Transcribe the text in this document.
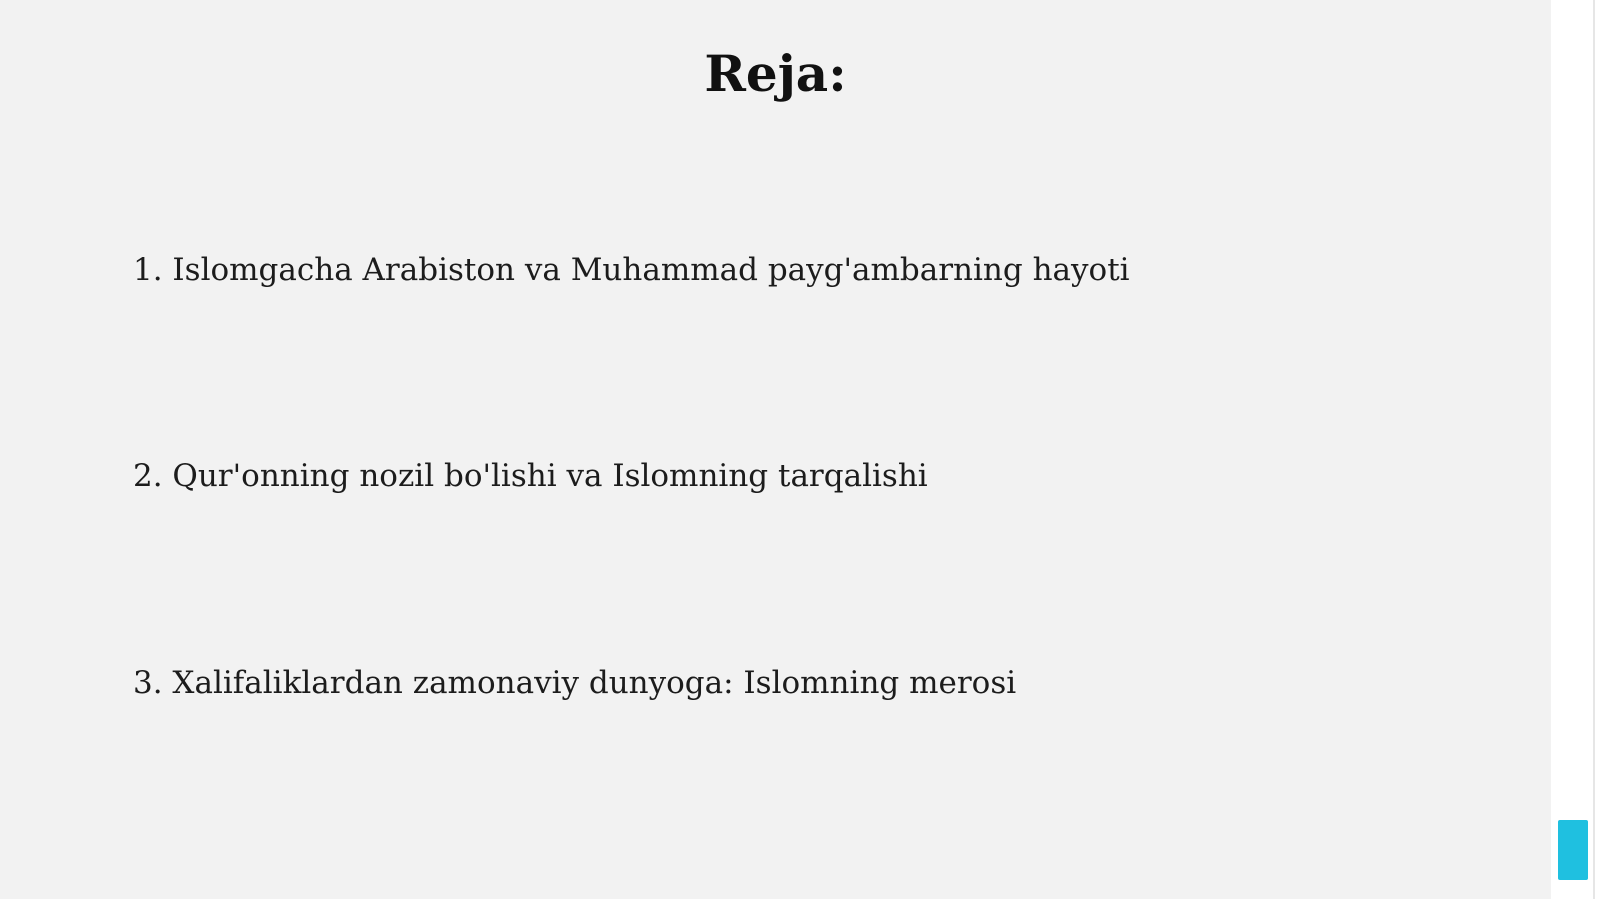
Reja:
1. Islomgacha Arabiston va Muhammad payg'ambarning hayoti
2. Qur'onning nozil bo'lishi va Islomning tarqalishi
3. Xalifaliklardan zamonaviy dunyoga: Islomning merosi
